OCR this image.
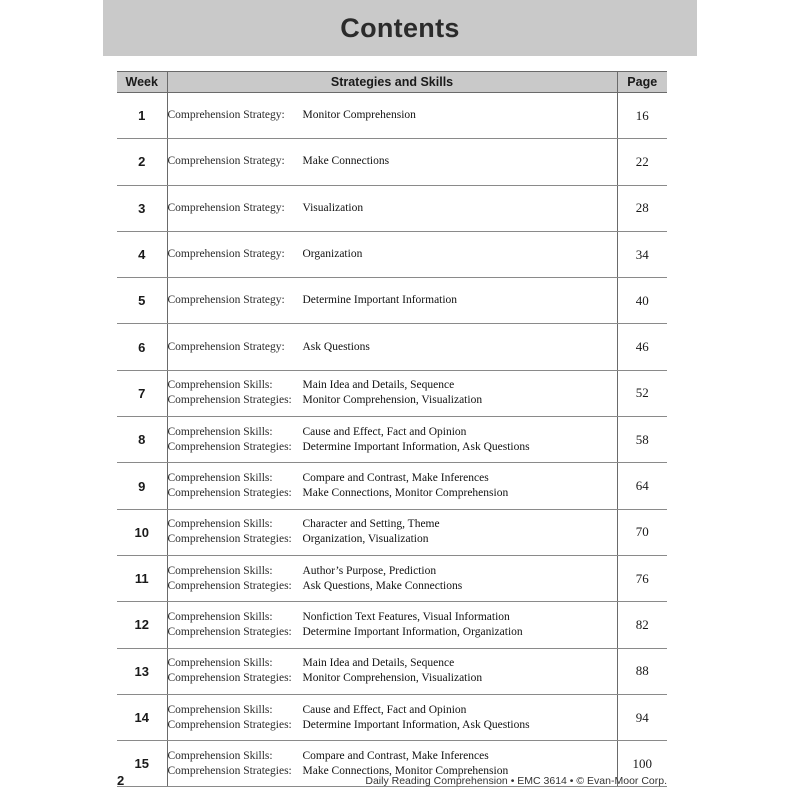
Contents
Week	Strategies and Skills	Page
1	Comprehension Strategy: Monitor Comprehension	16
2	Comprehension Strategy: Make Connections	22
3	Comprehension Strategy: Visualization	28
4	Comprehension Strategy: Organization	34
5	Comprehension Strategy: Determine Important Information	40
6	Comprehension Strategy: Ask Questions	46
7	Comprehension Skills: Main Idea and Details, Sequence
Comprehension Strategies: Monitor Comprehension, Visualization	52
8	Comprehension Skills: Cause and Effect, Fact and Opinion
Comprehension Strategies: Determine Important Information, Ask Questions	58
9	Comprehension Skills: Compare and Contrast, Make Inferences
Comprehension Strategies: Make Connections, Monitor Comprehension	64
10	Comprehension Skills: Character and Setting, Theme
Comprehension Strategies: Organization, Visualization	70
11	Comprehension Skills: Author’s Purpose, Prediction
Comprehension Strategies: Ask Questions, Make Connections	76
12	Comprehension Skills: Nonfiction Text Features, Visual Information
Comprehension Strategies: Determine Important Information, Organization	82
13	Comprehension Skills: Main Idea and Details, Sequence
Comprehension Strategies: Monitor Comprehension, Visualization	88
14	Comprehension Skills: Cause and Effect, Fact and Opinion
Comprehension Strategies: Determine Important Information, Ask Questions	94
15	Comprehension Skills: Compare and Contrast, Make Inferences
Comprehension Strategies: Make Connections, Monitor Comprehension	100
2	Daily Reading Comprehension • EMC 3614 • © Evan-Moor Corp.
